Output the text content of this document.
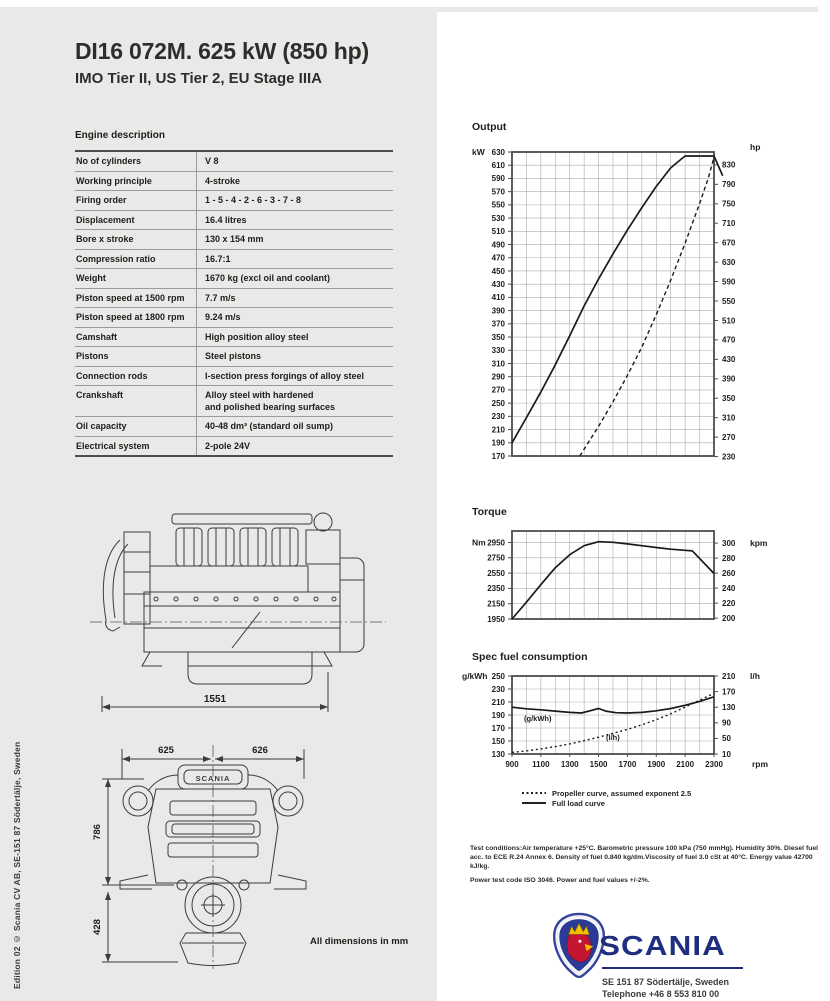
Edition 02 © Scania CV AB, SE-151 87 Södertälje, Sweden
DI16 072M. 625 kW (850 hp)
IMO Tier II, US Tier 2, EU Stage IIIA
Engine description
No of cylinders	V 8
Working principle	4-stroke
Firing order	1 - 5 - 4 - 2 - 6 - 3 - 7 - 8
Displacement	16.4 litres
Bore x stroke	130 x 154 mm
Compression ratio	16.7:1
Weight	1670 kg (excl oil and coolant)
Piston speed at 1500 rpm	7.7 m/s
Piston speed at 1800 rpm	9.24 m/s
Camshaft	High position alloy steel
Pistons	Steel pistons
Connection rods	I-section press forgings of alloy steel
Crankshaft	Alloy steel with hardened
and polished bearing surfaces
Oil capacity	40-48 dm³ (standard oil sump)
Electrical system	2-pole 24V
1551
625	626
786
428
SCANIA
All dimensions in mm
Output
630
610
590
570
550
530
510
490
470
450
430
410
390
370
350
330
310
290
270
250
230
210
190
170
830
790
750
710
670
630
590
550
510
470
430
390
350
310
270
230
kW	hp
Torque
2950
2750
2550
2350
2150
1950
300
280
260
240
220
200
Nm	kpm
Spec fuel consumption
250
230
210
190
170
150
130
210
170
130
90
50
10
g/kWh	l/h
900 1100 1300 1500 1700 1900 2100 2300	rpm
(g/kWh)
(l/h)
Propeller curve, assumed exponent 2.5
Full load curve
Test conditions:Air temperature +25°C. Barometric pressure 100 kPa (750 mmHg). Humidity 30%. Diesel fuel
acc. to ECE R.24 Annex 6. Density of fuel 0.840 kg/dm.Viscosity of fuel 3.0 cSt at 40°C. Energy value 42700 kJ/kg.
Power test code ISO 3046. Power and fuel values +/-2%.
SCANIA
SE 151 87 Södertälje, Sweden
Telephone +46 8 553 810 00
